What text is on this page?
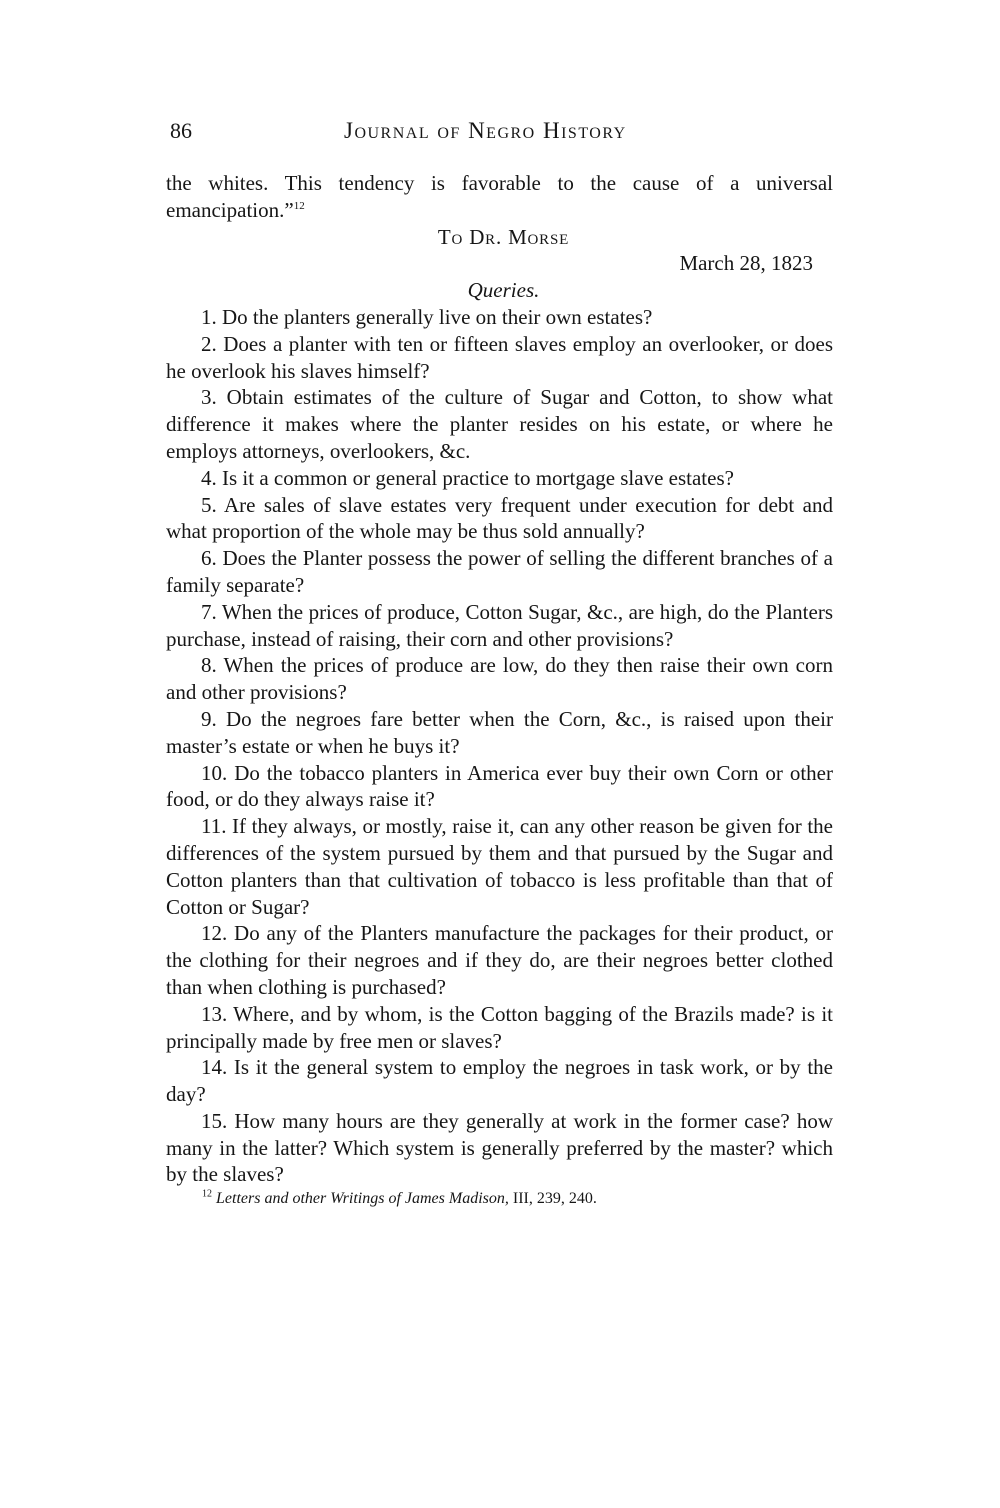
86	Journal of Negro History

the whites. This tendency is favorable to the cause of a universal emancipation.”$^{12}$

To Dr. Morse

March 28, 1823

Queries.

1. Do the planters generally live on their own estates?

2. Does a planter with ten or fifteen slaves employ an overlooker, or does he overlook his slaves himself?

3. Obtain estimates of the culture of Sugar and Cotton, to show what difference it makes where the planter resides on his estate, or where he employs attorneys, overlookers, &c.

4. Is it a common or general practice to mortgage slave estates?

5. Are sales of slave estates very frequent under execution for debt and what proportion of the whole may be thus sold annually?

6. Does the Planter possess the power of selling the different branches of a family separate?

7. When the prices of produce, Cotton Sugar, &c., are high, do the Planters purchase, instead of raising, their corn and other provisions?

8. When the prices of produce are low, do they then raise their own corn and other provisions?

9. Do the negroes fare better when the Corn, &c., is raised upon their master’s estate or when he buys it?

10. Do the tobacco planters in America ever buy their own Corn or other food, or do they always raise it?

11. If they always, or mostly, raise it, can any other reason be given for the differences of the system pursued by them and that pursued by the Sugar and Cotton planters than that cultivation of tobacco is less profitable than that of Cotton or Sugar?

12. Do any of the Planters manufacture the packages for their product, or the clothing for their negroes and if they do, are their negroes better clothed than when clothing is purchased?

13. Where, and by whom, is the Cotton bagging of the Brazils made? is it principally made by free men or slaves?

14. Is it the general system to employ the negroes in task work, or by the day?

15. How many hours are they generally at work in the former case? how many in the latter? Which system is generally preferred by the master? which by the slaves?

$^{12}$ Letters and other Writings of James Madison, III, 239, 240.
